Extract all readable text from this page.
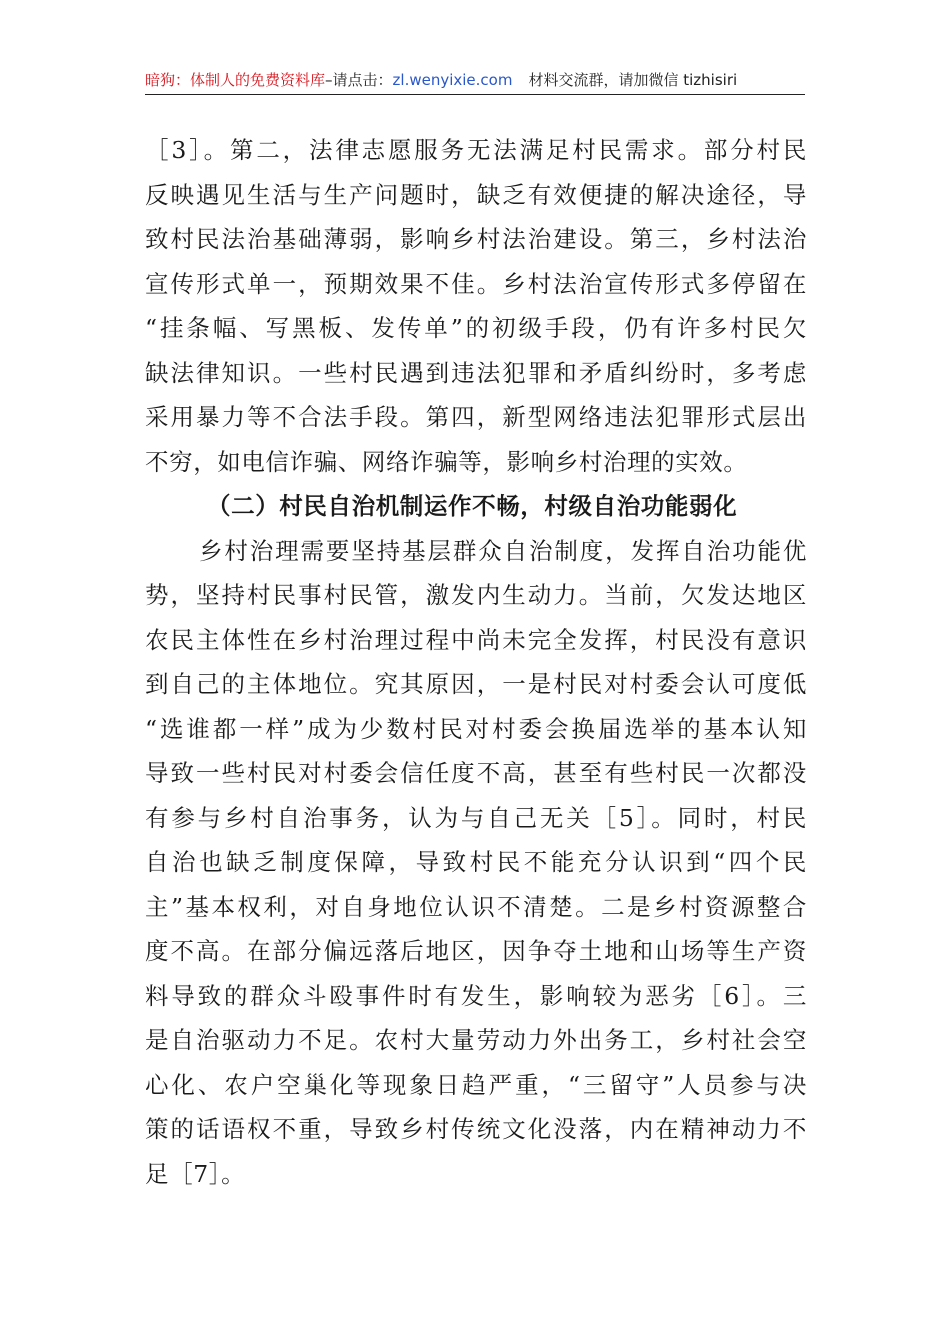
暗狗：体制人的免费资料库–请点击：zl.wenyixie.com 材料交流群，请加微信 tizhisiri
［3］。第二，法律志愿服务无法满足村民需求。部分村民
反映遇见生活与生产问题时，缺乏有效便捷的解决途径，导
致村民法治基础薄弱，影响乡村法治建设。第三，乡村法治
宣传形式单一，预期效果不佳。乡村法治宣传形式多停留在
“挂条幅、写黑板、发传单”的初级手段，仍有许多村民欠
缺法律知识。一些村民遇到违法犯罪和矛盾纠纷时，多考虑
采用暴力等不合法手段。第四，新型网络违法犯罪形式层出
不穷，如电信诈骗、网络诈骗等，影响乡村治理的实效。
（二）村民自治机制运作不畅，村级自治功能弱化
乡村治理需要坚持基层群众自治制度，发挥自治功能优
势，坚持村民事村民管，激发内生动力。当前，欠发达地区
农民主体性在乡村治理过程中尚未完全发挥，村民没有意识
到自己的主体地位。究其原因，一是村民对村委会认可度低
“选谁都一样”成为少数村民对村委会换届选举的基本认知
导致一些村民对村委会信任度不高，甚至有些村民一次都没
有参与乡村自治事务，认为与自己无关［5］。同时，村民
自治也缺乏制度保障，导致村民不能充分认识到“四个民
主”基本权利，对自身地位认识不清楚。二是乡村资源整合
度不高。在部分偏远落后地区，因争夺土地和山场等生产资
料导致的群众斗殴事件时有发生，影响较为恶劣［6］。三
是自治驱动力不足。农村大量劳动力外出务工，乡村社会空
心化、农户空巢化等现象日趋严重，“三留守”人员参与决
策的话语权不重，导致乡村传统文化没落，内在精神动力不
足［7］。
